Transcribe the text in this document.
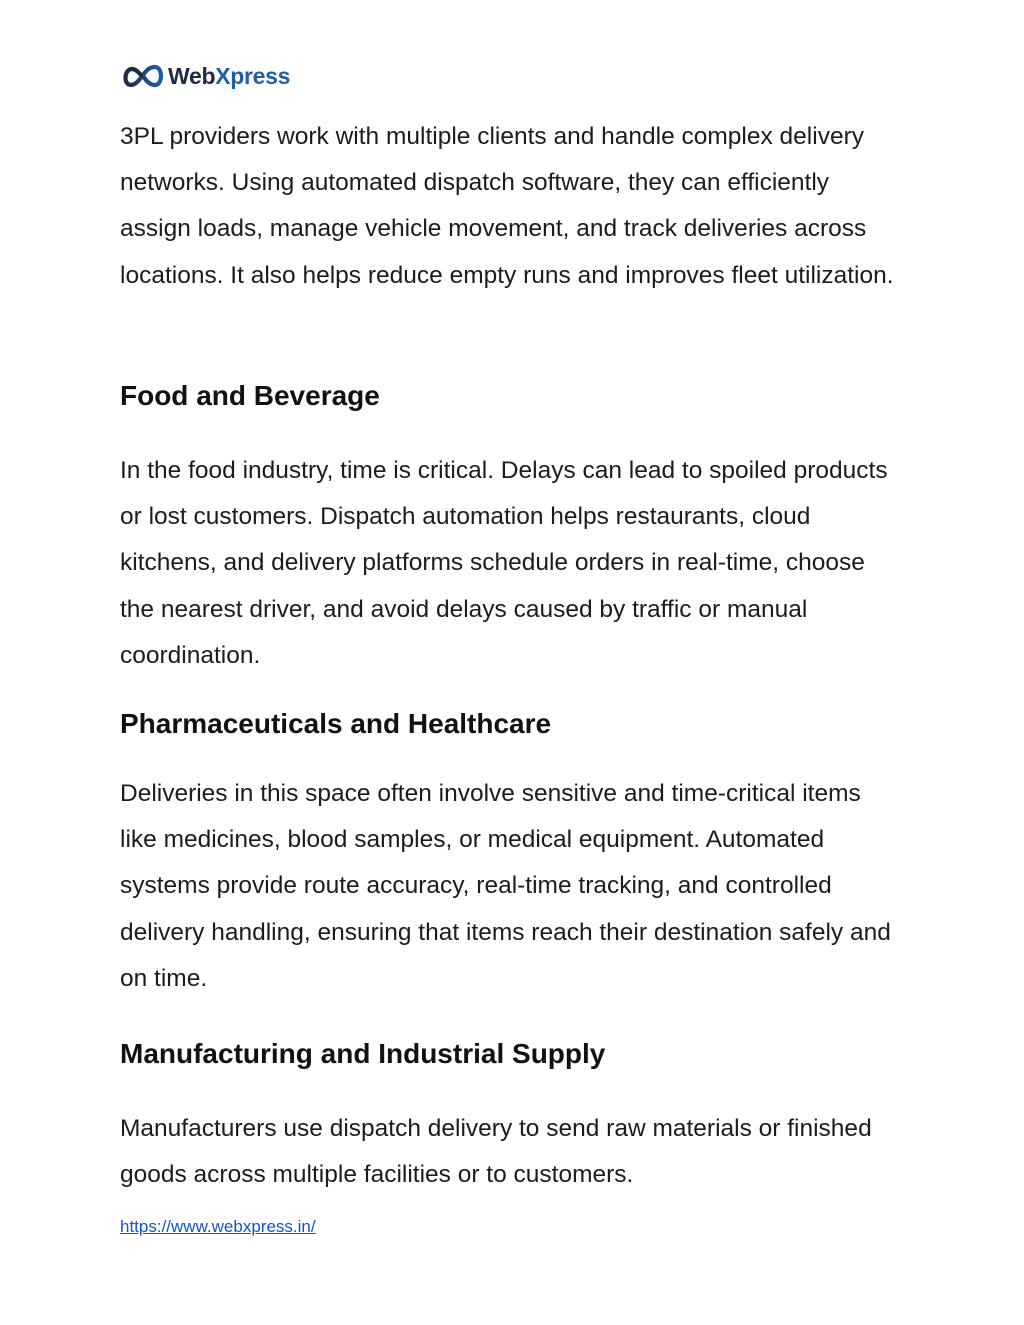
WebXpress

3PL providers work with multiple clients and handle complex delivery networks. Using automated dispatch software, they can efficiently assign loads, manage vehicle movement, and track deliveries across locations. It also helps reduce empty runs and improves fleet utilization.

Food and Beverage

In the food industry, time is critical. Delays can lead to spoiled products or lost customers. Dispatch automation helps restaurants, cloud kitchens, and delivery platforms schedule orders in real-time, choose the nearest driver, and avoid delays caused by traffic or manual coordination.

Pharmaceuticals and Healthcare

Deliveries in this space often involve sensitive and time-critical items like medicines, blood samples, or medical equipment. Automated systems provide route accuracy, real-time tracking, and controlled delivery handling, ensuring that items reach their destination safely and on time.

Manufacturing and Industrial Supply

Manufacturers use dispatch delivery to send raw materials or finished goods across multiple facilities or to customers.

https://www.webxpress.in/
